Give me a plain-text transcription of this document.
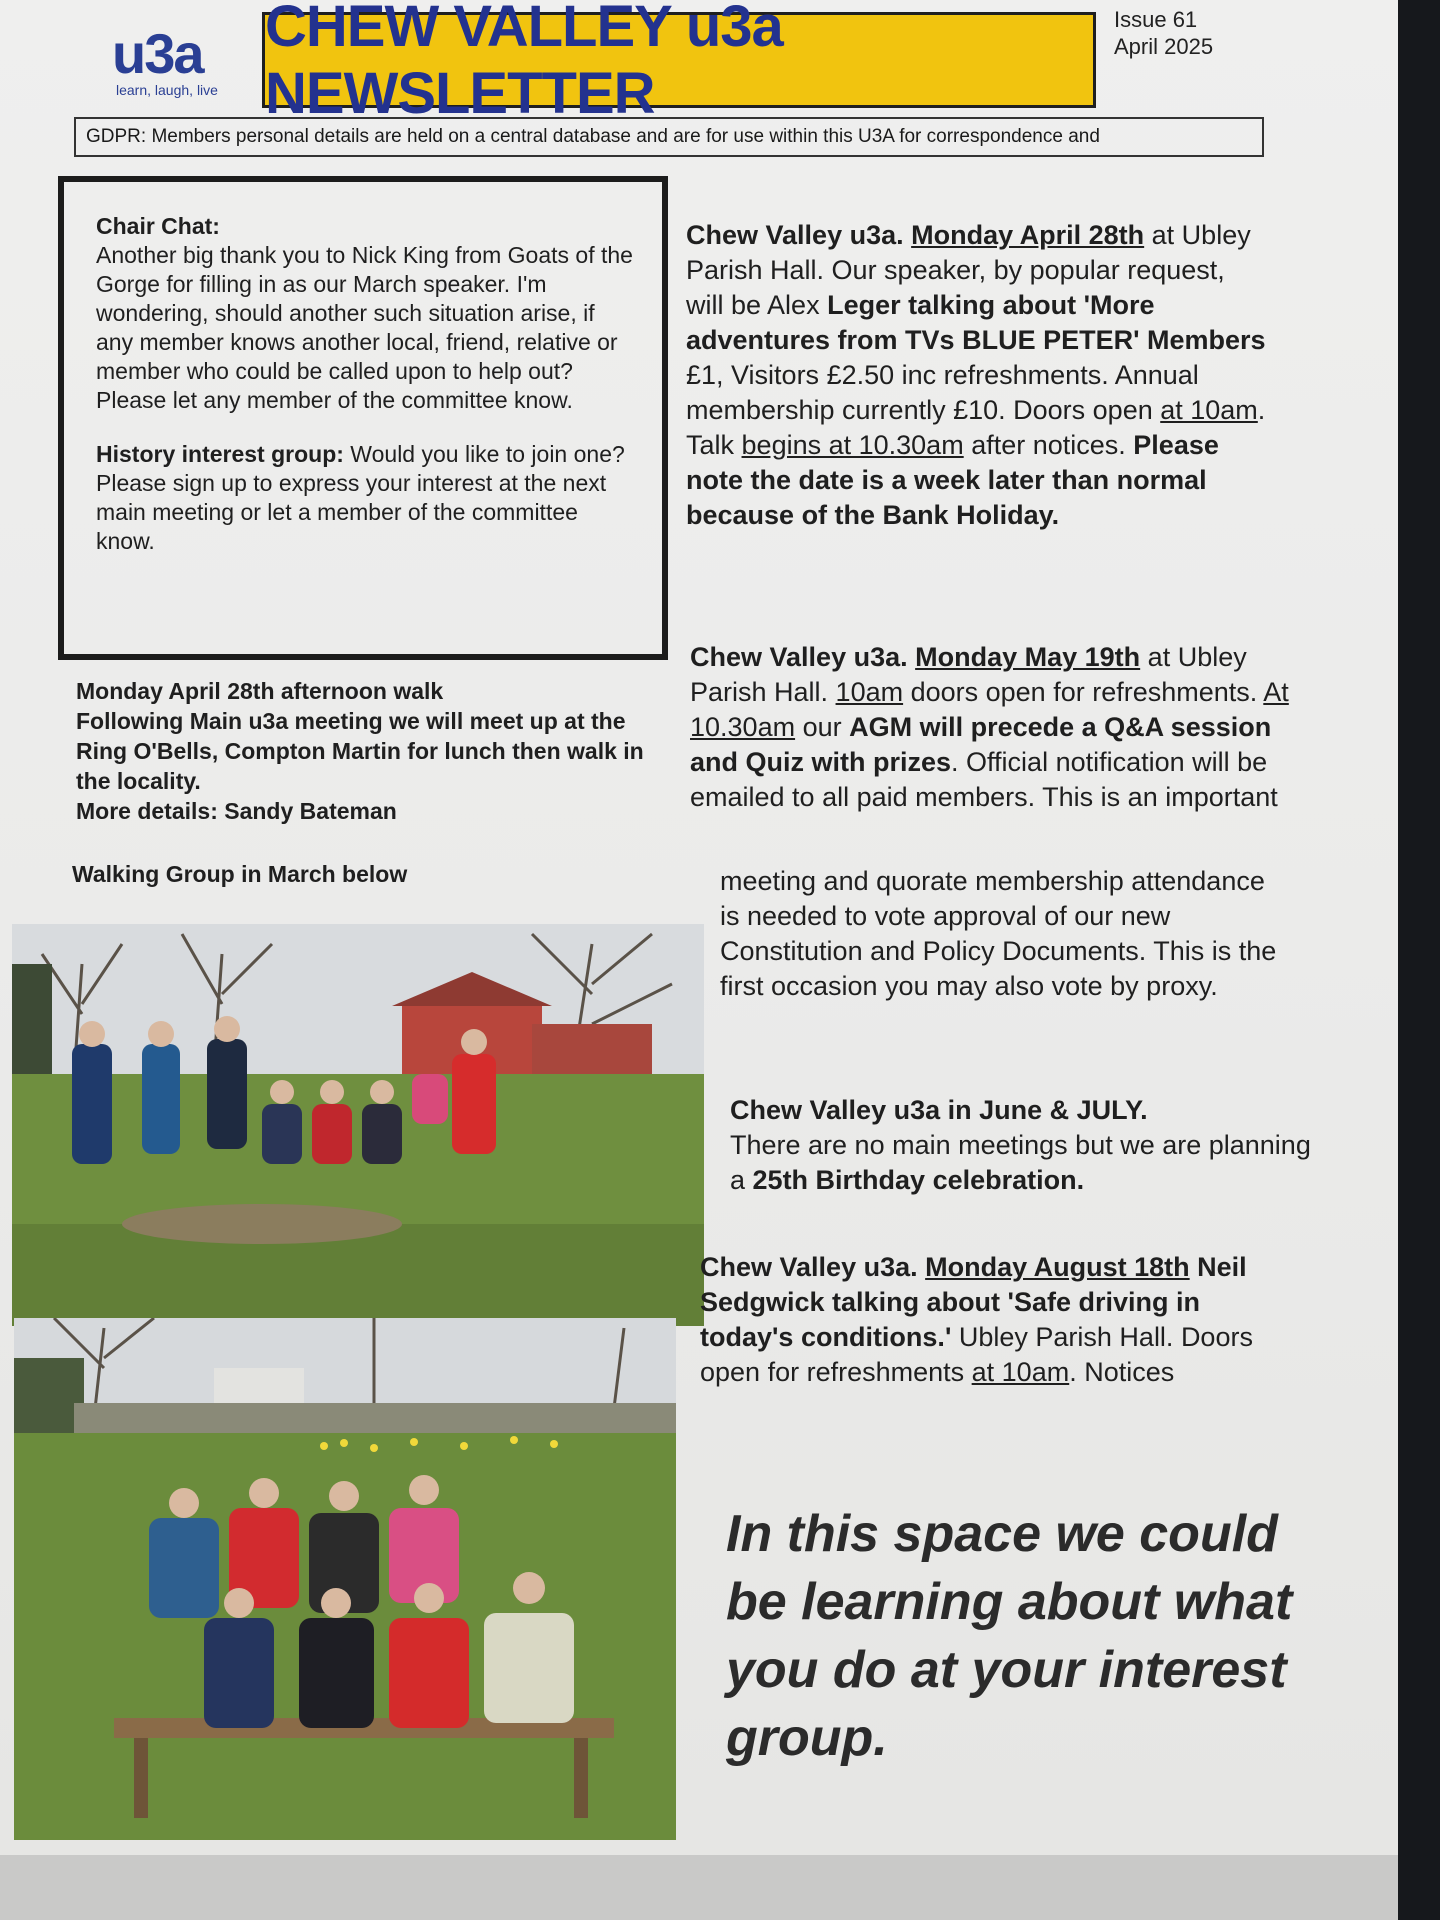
u3a
learn, laugh, live
CHEW VALLEY u3a NEWSLETTER
Issue 61
April 2025
GDPR: Members personal details are held on a central database and are for use within this U3A for correspondence and

Chair Chat:
Another big thank you to Nick King from Goats of the Gorge for filling in as our March speaker. I'm wondering, should another such situation arise, if any member knows another local, friend, relative or member who could be called upon to help out? Please let any member of the committee know.

History interest group: Would you like to join one? Please sign up to express your interest at the next main meeting or let a member of the committee know.

Monday April 28th afternoon walk

Following Main u3a meeting we will meet up at the Ring O'Bells, Compton Martin for lunch then walk in the locality.

More details: Sandy Bateman

Walking Group in March below

Chew Valley u3a. Monday April 28th at Ubley Parish Hall. Our speaker, by popular request, will be Alex Leger talking about 'More adventures from TVs BLUE PETER' Members £1, Visitors £2.50 inc refreshments. Annual membership currently £10. Doors open at 10am. Talk begins at 10.30am after notices. Please note the date is a week later than normal because of the Bank Holiday.

Chew Valley u3a. Monday May 19th at Ubley Parish Hall. 10am doors open for refreshments. At 10.30am our AGM will precede a Q&A session and Quiz with prizes. Official notification will be emailed to all paid members. This is an important

meeting and quorate membership attendance is needed to vote approval of our new Constitution and Policy Documents. This is the first occasion you may also vote by proxy.

Chew Valley u3a in June & JULY.
There are no main meetings but we are planning a 25th Birthday celebration.

Chew Valley u3a. Monday August 18th Neil Sedgwick talking about 'Safe driving in today's conditions.' Ubley Parish Hall. Doors open for refreshments at 10am. Notices

In this space we could be learning about what you do at your interest group.
